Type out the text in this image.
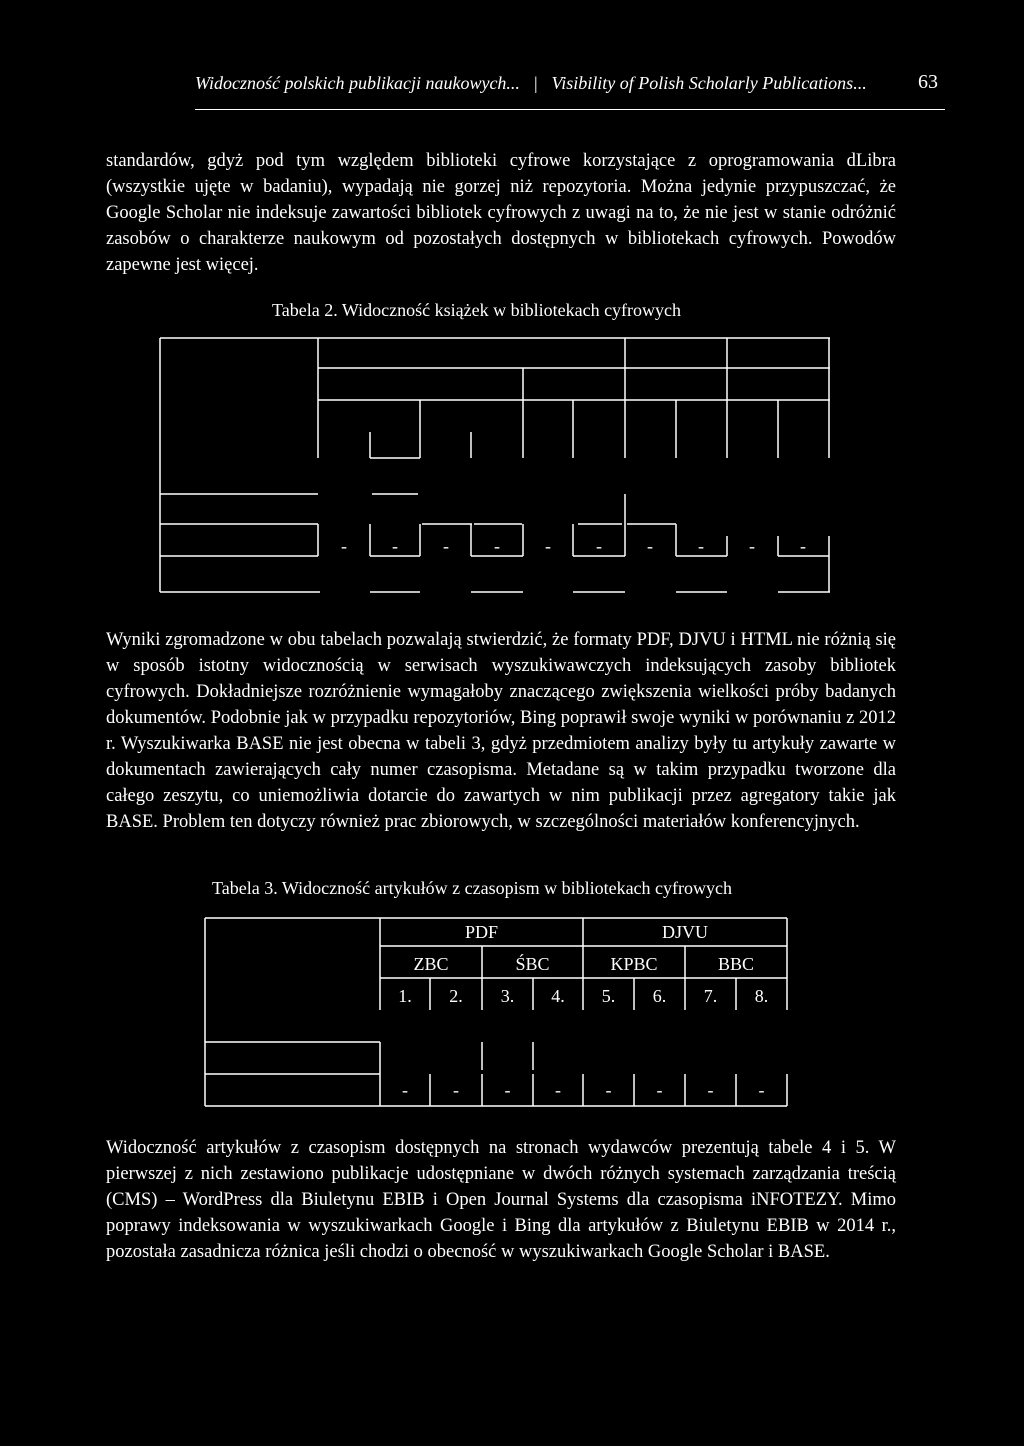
Widoczność polskich publikacji naukowych... | Visibility of Polish Scholarly Publications...	63

standardów, gdyż pod tym względem biblioteki cyfrowe korzystające z oprogramowania dLibra (wszystkie ujęte w badaniu), wypadają nie gorzej niż repozytoria. Można jedynie przypuszczać, że Google Scholar nie indeksuje zawartości bibliotek cyfrowych z uwagi na to, że nie jest w stanie odróżnić zasobów o charakterze naukowym od pozostałych dostępnych w bibliotekach cyfrowych. Powodów zapewne jest więcej.

Tabela 2. Widoczność książek w bibliotekach cyfrowych

-	-	-	-	-	-	-	-	-	-

Wyniki zgromadzone w obu tabelach pozwalają stwierdzić, że formaty PDF, DJVU i HTML nie różnią się w sposób istotny widocznością w serwisach wyszukiwawczych indeksujących zasoby bibliotek cyfrowych. Dokładniejsze rozróżnienie wymagałoby znaczącego zwiększenia wielkości próby badanych dokumentów. Podobnie jak w przypadku repozytoriów, Bing poprawił swoje wyniki w porównaniu z 2012 r. Wyszukiwarka BASE nie jest obecna w tabeli 3, gdyż przedmiotem analizy były tu artykuły zawarte w dokumentach zawierających cały numer czasopisma. Metadane są w takim przypadku tworzone dla całego zeszytu, co uniemożliwia dotarcie do zawartych w nim publikacji przez agregatory takie jak BASE. Problem ten dotyczy również prac zbiorowych, w szczególności materiałów konferencyjnych.

Tabela 3. Widoczność artykułów z czasopism w bibliotekach cyfrowych

PDF	DJVU
ZBC	ŚBC	KPBC	BBC
1.	2.	3.	4.	5.	6.	7.	8.
-	-	-	-	-	-	-	-

Widoczność artykułów z czasopism dostępnych na stronach wydawców prezentują tabele 4 i 5. W pierwszej z nich zestawiono publikacje udostępniane w dwóch różnych systemach zarządzania treścią (CMS) – WordPress dla Biuletynu EBIB i Open Journal Systems dla czasopisma iNFOTEZY. Mimo poprawy indeksowania w wyszukiwarkach Google i Bing dla artykułów z Biuletynu EBIB w 2014 r., pozostała zasadnicza różnica jeśli chodzi o obecność w wyszukiwarkach Google Scholar i BASE.
